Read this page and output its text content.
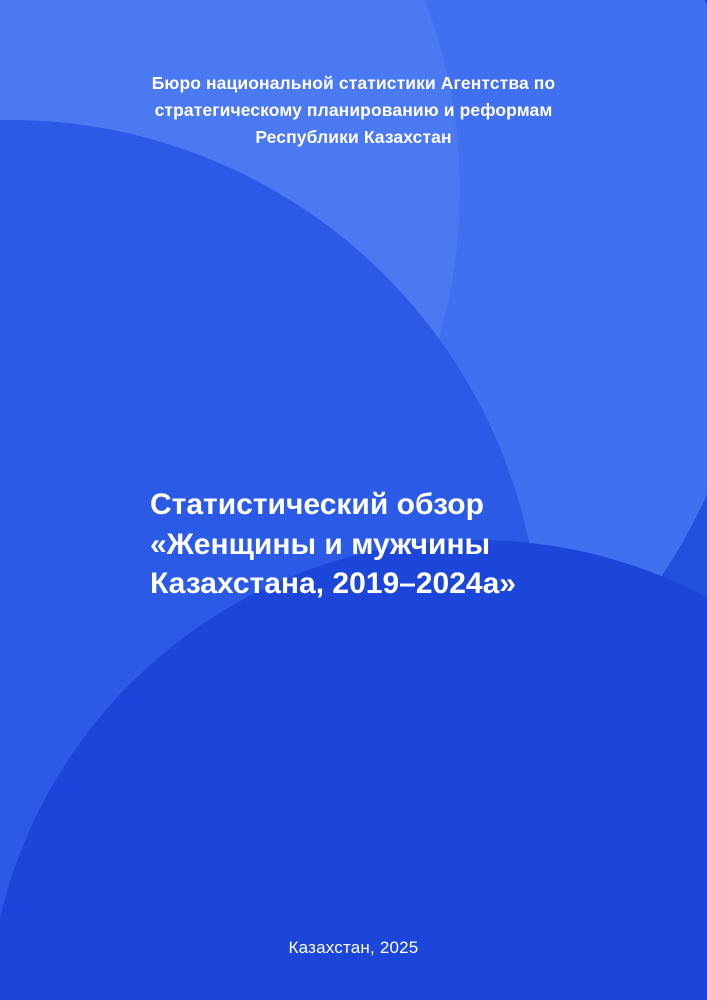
Бюро национальной статистики Агентства по стратегическому планированию и реформам Республики Казахстан
Статистический обзор «Женщины и мужчины Казахстана, 2019–2024а»
Казахстан, 2025
